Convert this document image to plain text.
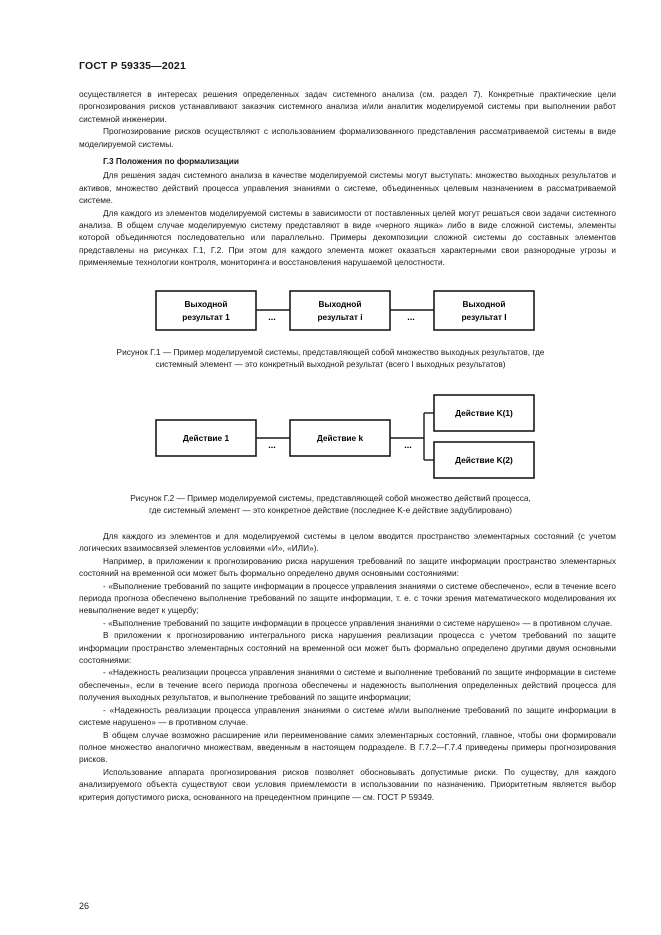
ГОСТ Р 59335—2021

осуществляется в интересах решения определенных задач системного анализа (см. раздел 7). Конкретные практические цели прогнозирования рисков устанавливают заказчик системного анализа и/или аналитик моделируемой системы при выполнении работ системной инженерии.

Прогнозирование рисков осуществляют с использованием формализованного представления рассматриваемой системы в виде моделируемой системы.

Г.3 Положения по формализации

Для решения задач системного анализа в качестве моделируемой системы могут выступать: множество выходных результатов и активов, множество действий процесса управления знаниями о системе, объединенных целевым назначением в рассматриваемой системе.

Для каждого из элементов моделируемой системы в зависимости от поставленных целей могут решаться свои задачи системного анализа. В общем случае моделируемую систему представляют в виде «черного ящика» либо в виде сложной системы, элементы которой объединяются последовательно или параллельно. Примеры декомпозиции сложной системы до составных элементов представлены на рисунках Г.1, Г.2. При этом для каждого элемента может оказаться характерными свои разнородные угрозы и применяемые технологии контроля, мониторинга и восстановления нарушаемой целостности.

Выходной
результат 1	...
Выходной
результат i	...
Выходной
результат I
Рисунок Г.1 — Пример моделируемой системы, представляющей собой множество выходных результатов, где
системный элемент — это конкретный выходной результат (всего I выходных результатов)
Действие 1
...
Действие k
...
Действие K(1)
Действие K(2)
Рисунок Г.2 — Пример моделируемой системы, представляющей собой множество действий процесса,
где системный элемент — это конкретное действие (последнее K-е действие задублировано)

Для каждого из элементов и для моделируемой системы в целом вводится пространство элементарных состояний (с учетом логических взаимосвязей элементов условиями «И», «ИЛИ»).

Например, в приложении к прогнозированию риска нарушения требований по защите информации пространство элементарных состояний на временной оси может быть формально определено двумя основными состояниями:

- «Выполнение требований по защите информации в процессе управления знаниями о системе обеспечено», если в течение всего периода прогноза обеспечено выполнение требований по защите информации, т. е. с точки зрения математического моделирования их невыполнение ведет к ущербу;

- «Выполнение требований по защите информации в процессе управления знаниями о системе нарушено» — в противном случае.

В приложении к прогнозированию интегрального риска нарушения реализации процесса с учетом требований по защите информации пространство элементарных состояний на временной оси может быть формально определено другими двумя основными состояниями:

- «Надежность реализации процесса управления знаниями о системе и выполнение требований по защите информации в системе обеспечены», если в течение всего периода прогноза обеспечены и надежность выполнения определенных действий процесса для получения выходных результатов, и выполнение требований по защите информации;

- «Надежность реализации процесса управления знаниями о системе и/или выполнение требований по защите информации в системе нарушено» — в противном случае.

В общем случае возможно расширение или переименование самих элементарных состояний, главное, чтобы они формировали полное множество аналогично множествам, введенным в настоящем подразделе. В Г.7.2—Г.7.4 приведены примеры прогнозирования рисков.

Использование аппарата прогнозирования рисков позволяет обосновывать допустимые риски. По существу, для каждого анализируемого объекта существуют свои условия приемлемости в использовании по назначению. Приоритетным является выбор критерия допустимого риска, основанного на прецедентном принципе — см. ГОСТ Р 59349.

26
